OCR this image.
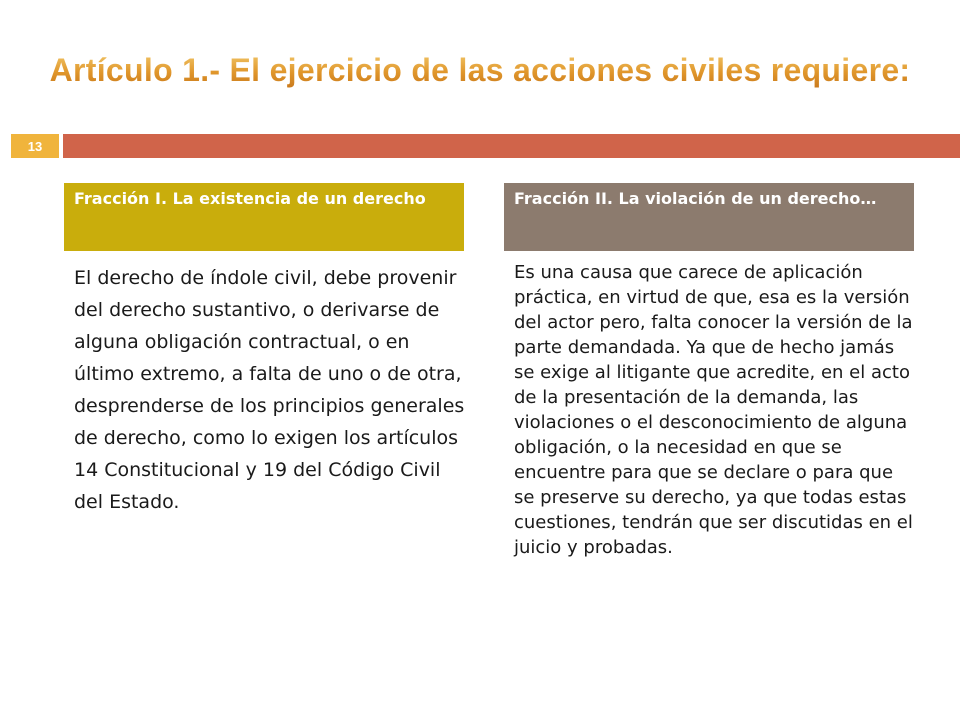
Artículo 1.- El ejercicio de las acciones civiles requiere:
13
Fracción I. La existencia de un derecho
El derecho de índole civil, debe provenir del derecho sustantivo, o derivarse de alguna obligación contractual, o en último extremo, a falta de uno o de otra, desprenderse de los principios generales de derecho, como lo exigen los artículos 14 Constitucional y 19 del Código Civil del Estado.
Fracción II. La violación de un derecho…
Es una causa que carece de aplicación práctica, en virtud de que, esa es la versión del actor pero, falta conocer la versión de la parte demandada. Ya que de hecho jamás se exige al litigante que acredite, en el acto de la presentación de la demanda, las violaciones o el desconocimiento de alguna obligación, o la necesidad en que se encuentre para que se declare o para que se preserve su derecho, ya que todas estas cuestiones, tendrán que ser discutidas en el juicio y probadas.
